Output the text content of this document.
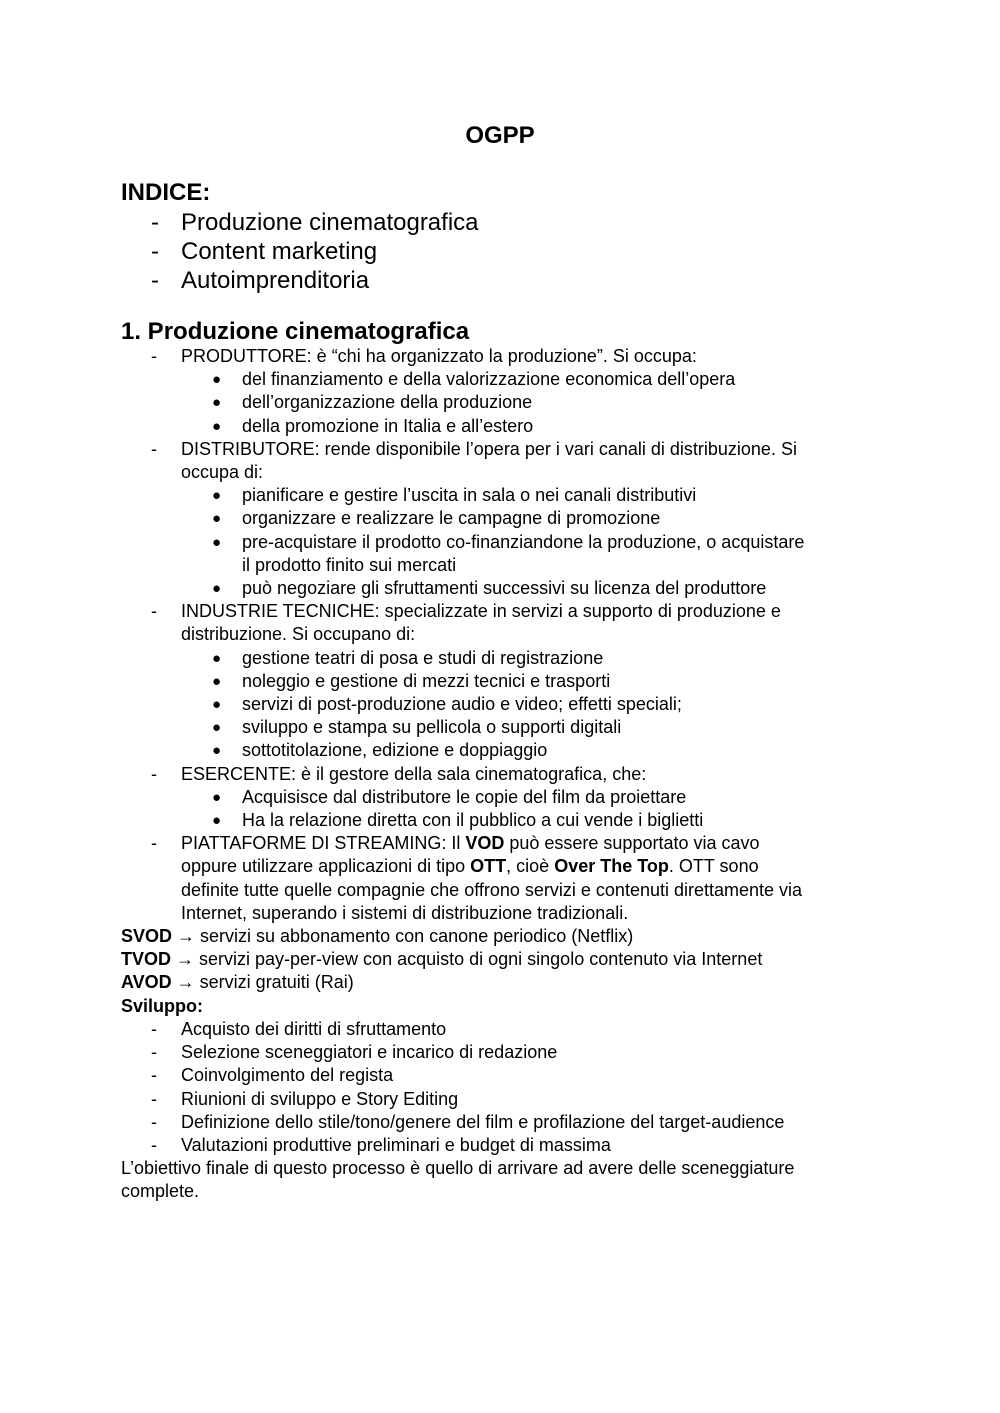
OGPP
INDICE:
- Produzione cinematografica
- Content marketing
- Autoimprenditoria
1. Produzione cinematografica
- PRODUTTORE: è “chi ha organizzato la produzione”. Si occupa:
● del finanziamento e della valorizzazione economica dell’opera
● dell’organizzazione della produzione
● della promozione in Italia e all’estero
- DISTRIBUTORE: rende disponibile l’opera per i vari canali di distribuzione. Si
occupa di:
● pianificare e gestire l’uscita in sala o nei canali distributivi
● organizzare e realizzare le campagne di promozione
● pre-acquistare il prodotto co-finanziandone la produzione, o acquistare
il prodotto finito sui mercati
● può negoziare gli sfruttamenti successivi su licenza del produttore
- INDUSTRIE TECNICHE: specializzate in servizi a supporto di produzione e
distribuzione. Si occupano di:
● gestione teatri di posa e studi di registrazione
● noleggio e gestione di mezzi tecnici e trasporti
● servizi di post-produzione audio e video; effetti speciali;
● sviluppo e stampa su pellicola o supporti digitali
● sottotitolazione, edizione e doppiaggio
- ESERCENTE: è il gestore della sala cinematografica, che:
● Acquisisce dal distributore le copie del film da proiettare
● Ha la relazione diretta con il pubblico a cui vende i biglietti
- PIATTAFORME DI STREAMING: Il VOD può essere supportato via cavo
oppure utilizzare applicazioni di tipo OTT, cioè Over The Top. OTT sono
definite tutte quelle compagnie che offrono servizi e contenuti direttamente via
Internet, superando i sistemi di distribuzione tradizionali.
SVOD → servizi su abbonamento con canone periodico (Netflix)
TVOD → servizi pay-per-view con acquisto di ogni singolo contenuto via Internet
AVOD → servizi gratuiti (Rai)
Sviluppo:
- Acquisto dei diritti di sfruttamento
- Selezione sceneggiatori e incarico di redazione
- Coinvolgimento del regista
- Riunioni di sviluppo e Story Editing
- Definizione dello stile/tono/genere del film e profilazione del target-audience
- Valutazioni produttive preliminari e budget di massima
L’obiettivo finale di questo processo è quello di arrivare ad avere delle sceneggiature
complete.
